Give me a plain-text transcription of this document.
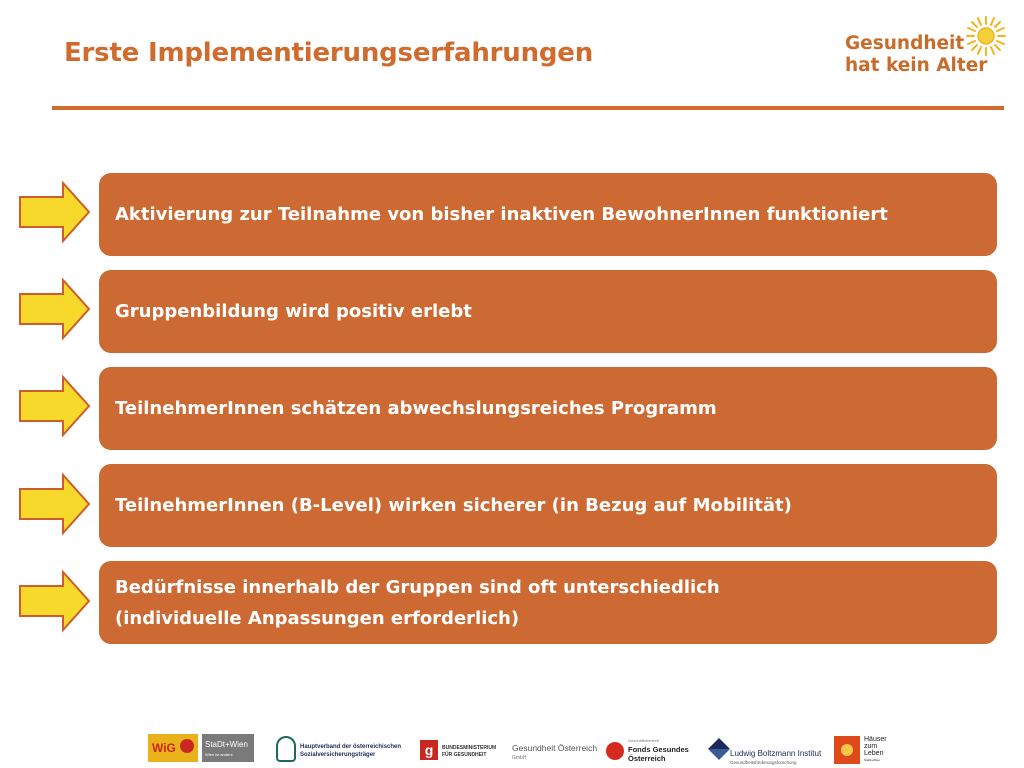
Erste Implementierungserfahrungen	Gesundheit
hat kein Alter
Aktivierung zur Teilnahme von bisher inaktiven BewohnerInnen funktioniert
Gruppenbildung wird positiv erlebt
TeilnehmerInnen schätzen abwechslungsreiches Programm
TeilnehmerInnen (B-Level) wirken sicherer (in Bezug auf Mobilität)
Bedürfnisse innerhalb der Gruppen sind oft unterschiedlich
(individuelle Anpassungen erforderlich)
WiG	StaDt+Wien
Wien ist anders
Hauptverband der österreichischen
Sozialversicherungsträger	g	BUNDESMINISTERIUM
FÜR GESUNDHEIT
Gesundheit Österreich
GmbH
Geschäftsbereich
Fonds Gesundes
Österreich
Ludwig Boltzmann Institut
Gesundheitsförderungsforschung
Häuser
zum
Leben
StaDt+Wien
